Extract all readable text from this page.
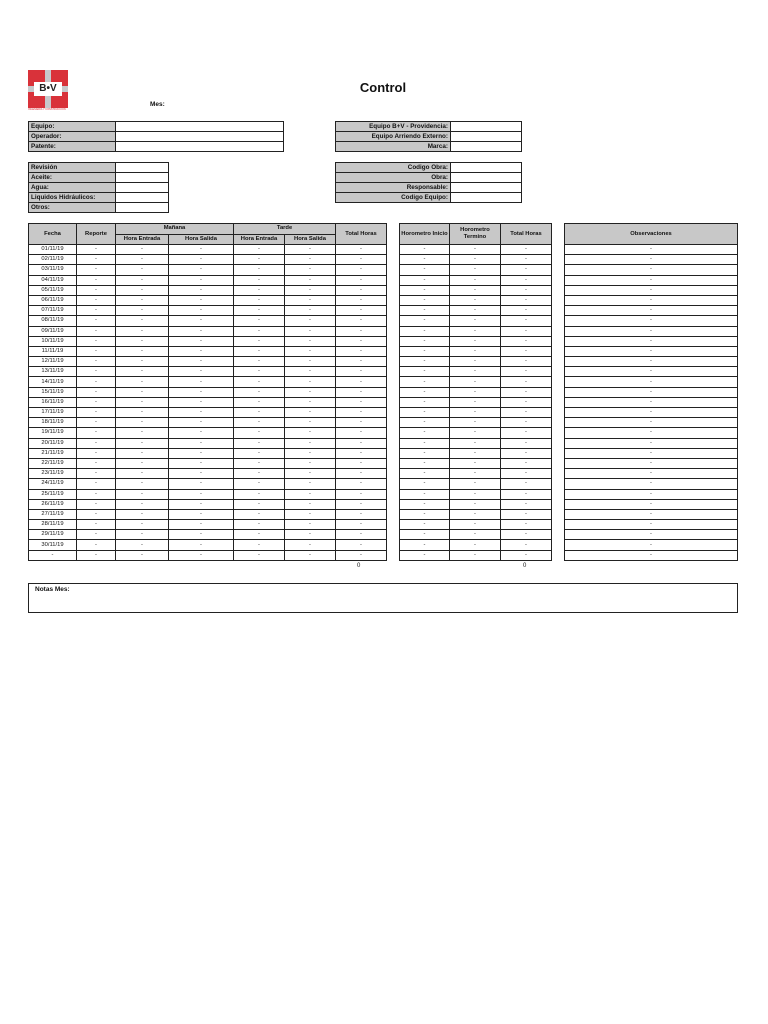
B•V
INGENIERIA Y CONSTRUCCION
Control
Mes:
Equipo:	
Operador:	
Patente:	
Equipo B+V - Providencia:	
Equipo Arriendo Externo:	
Marca:	
Revisión	
Aceite:	
Agua:	
Liquidos Hidráulicos:	
Otros:	
Codigo Obra:	
Obra:	
Responsable:	
Codigo Equipo:	
Fecha	Reporte	Mañana		Tarde		Total Horas
		Hora Entrada	Hora Salida	Hora Entrada	Hora Salida	
01/11/19	-	-	-	-	-	-
02/11/19	-	-	-	-	-	-
03/11/19	-	-	-	-	-	-
04/11/19	-	-	-	-	-	-
05/11/19	-	-	-	-	-	-
06/11/19	-	-	-	-	-	-
07/11/19	-	-	-	-	-	-
08/11/19	-	-	-	-	-	-
09/11/19	-	-	-	-	-	-
10/11/19	-	-	-	-	-	-
11/11/19	-	-	-	-	-	-
12/11/19	-	-	-	-	-	-
13/11/19	-	-	-	-	-	-
14/11/19	-	-	-	-	-	-
15/11/19	-	-	-	-	-	-
16/11/19	-	-	-	-	-	-
17/11/19	-	-	-	-	-	-
18/11/19	-	-	-	-	-	-
19/11/19	-	-	-	-	-	-
20/11/19	-	-	-	-	-	-
21/11/19	-	-	-	-	-	-
22/11/19	-	-	-	-	-	-
23/11/19	-	-	-	-	-	-
24/11/19	-	-	-	-	-	-
25/11/19	-	-	-	-	-	-
26/11/19	-	-	-	-	-	-
27/11/19	-	-	-	-	-	-
28/11/19	-	-	-	-	-	-
29/11/19	-	-	-	-	-	-
30/11/19	-	-	-	-	-	-
-	-	-	-	-	-	-
0
Horometro Inicio	Horometro Termino	Total Horas
-	-	-
-	-	-
-	-	-
-	-	-
-	-	-
-	-	-
-	-	-
-	-	-
-	-	-
-	-	-
-	-	-
-	-	-
-	-	-
-	-	-
-	-	-
-	-	-
-	-	-
-	-	-
-	-	-
-	-	-
-	-	-
-	-	-
-	-	-
-	-	-
-	-	-
-	-	-
-	-	-
-	-	-
-	-	-
-	-	-
-	-	-
0
Observaciones
-
-
-
-
-
-
-
-
-
-
-
-
-
-
-
-
-
-
-
-
-
-
-
-
-
-
-
-
-
-
-
Notas Mes:
